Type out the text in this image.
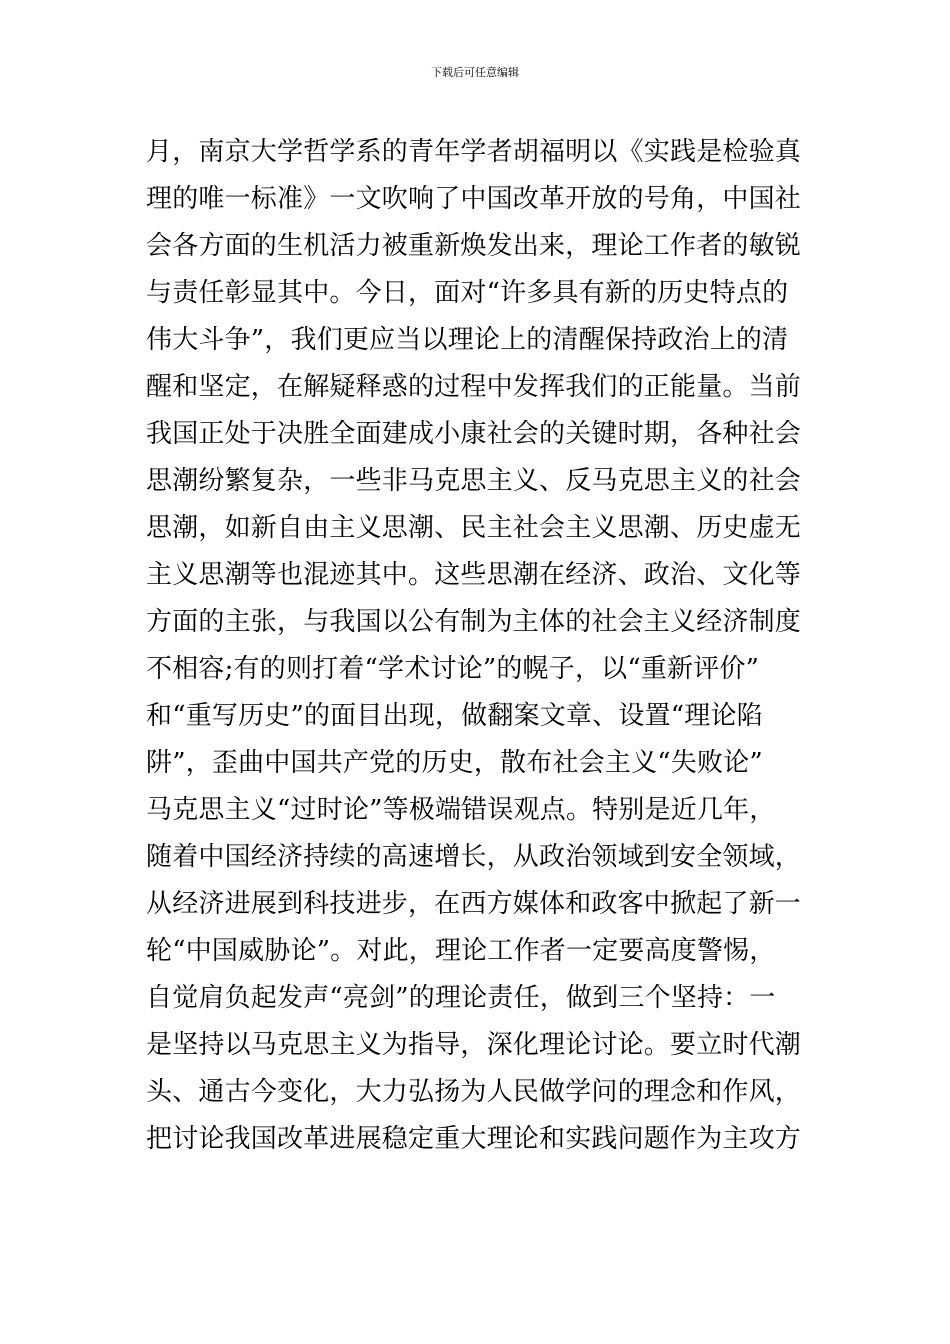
下载后可任意编辑
月，南京大学哲学系的青年学者胡福明以《实践是检验真
理的唯一标准》一文吹响了中国改革开放的号角，中国社
会各方面的生机活力被重新焕发出来，理论工作者的敏锐
与责任彰显其中。今日，面对“许多具有新的历史特点的
伟大斗争”，我们更应当以理论上的清醒保持政治上的清
醒和坚定，在解疑释惑的过程中发挥我们的正能量。当前
我国正处于决胜全面建成小康社会的关键时期，各种社会
思潮纷繁复杂，一些非马克思主义、反马克思主义的社会
思潮，如新自由主义思潮、民主社会主义思潮、历史虚无
主义思潮等也混迹其中。这些思潮在经济、政治、文化等
方面的主张，与我国以公有制为主体的社会主义经济制度
不相容;有的则打着“学术讨论”的幌子，以“重新评价”
和“重写历史”的面目出现，做翻案文章、设置“理论陷
阱”，歪曲中国共产党的历史，散布社会主义“失败论”
马克思主义“过时论”等极端错误观点。特别是近几年，
随着中国经济持续的高速增长，从政治领域到安全领域，
从经济进展到科技进步，在西方媒体和政客中掀起了新一
轮“中国威胁论”。对此，理论工作者一定要高度警惕，
自觉肩负起发声“亮剑”的理论责任，做到三个坚持：一
是坚持以马克思主义为指导，深化理论讨论。要立时代潮
头、通古今变化，大力弘扬为人民做学问的理念和作风，
把讨论我国改革进展稳定重大理论和实践问题作为主攻方
